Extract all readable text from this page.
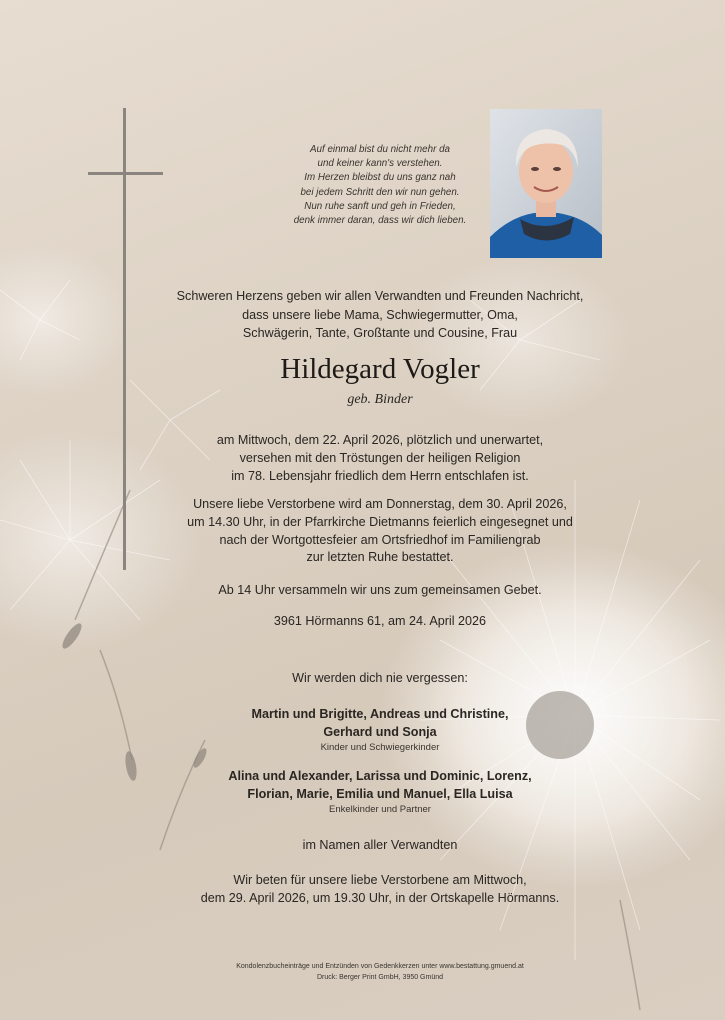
Auf einmal bist du nicht mehr da
und keiner kann's verstehen.
Im Herzen bleibst du uns ganz nah
bei jedem Schritt den wir nun gehen.
Nun ruhe sanft und geh in Frieden,
denk immer daran, dass wir dich lieben.
Schweren Herzens geben wir allen Verwandten und Freunden Nachricht,
dass unsere liebe Mama, Schwiegermutter, Oma,
Schwägerin, Tante, Großtante und Cousine, Frau
Hildegard Vogler
geb. Binder
am Mittwoch, dem 22. April 2026, plötzlich und unerwartet,
versehen mit den Tröstungen der heiligen Religion
im 78. Lebensjahr friedlich dem Herrn entschlafen ist.
Unsere liebe Verstorbene wird am Donnerstag, dem 30. April 2026,
um 14.30 Uhr, in der Pfarrkirche Dietmanns feierlich eingesegnet und
nach der Wortgottesfeier am Ortsfriedhof im Familiengrab
zur letzten Ruhe bestattet.
Ab 14 Uhr versammeln wir uns zum gemeinsamen Gebet.
3961 Hörmanns 61, am 24. April 2026
Wir werden dich nie vergessen:
Martin und Brigitte, Andreas und Christine,
Gerhard und Sonja
Kinder und Schwiegerkinder
Alina und Alexander, Larissa und Dominic, Lorenz,
Florian, Marie, Emilia und Manuel, Ella Luisa
Enkelkinder und Partner
im Namen aller Verwandten
Wir beten für unsere liebe Verstorbene am Mittwoch,
dem 29. April 2026, um 19.30 Uhr, in der Ortskapelle Hörmanns.
Kondolenzbucheinträge und Entzünden von Gedenkkerzen unter www.bestattung.gmuend.at
Druck: Berger Print GmbH, 3950 Gmünd
